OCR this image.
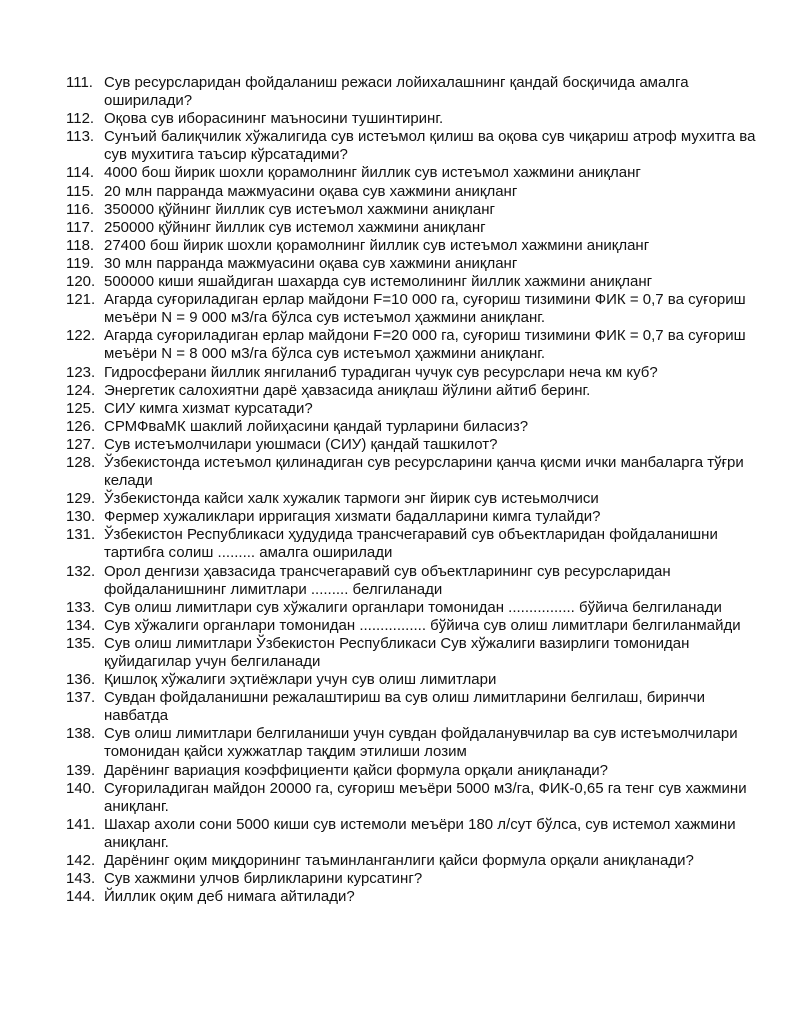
111. Сув ресурсларидан фойдаланиш режаси лойихалашнинг қандай босқичида амалга оширилади?
112. Оқова сув иборасининг маъносини тушинтиринг.
113. Сунъий балиқчилик хўжалигида сув истеъмол қилиш ва оқова сув чиқариш атроф мухитга ва сув мухитига таъсир кўрсатадими?
114. 4000 бош йирик шохли қорамолнинг йиллик сув истеъмол хажмини аниқланг
115. 20 млн парранда мажмуасини оқава сув хажмини аниқланг
116. 350000 қўйнинг йиллик сув истеъмол хажмини аниқланг
117. 250000 қўйнинг йиллик сув истемол хажмини аниқланг
118. 27400 бош йирик шохли қорамолнинг йиллик сув истеъмол хажмини аниқланг
119. 30 млн парранда мажмуасини оқава сув хажмини аниқланг
120. 500000 киши яшайдиган шахарда сув истемолининг йиллик хажмини аниқланг
121. Агарда суғориладиган ерлар майдони F=10 000 га, суғориш тизимини ФИК = 0,7 ва суғориш меъёри N = 9 000 м3/га бўлса сув истеъмол ҳажмини аниқланг.
122. Агарда суғориладиган ерлар майдони F=20 000 га, суғориш тизимини ФИК = 0,7 ва суғориш меъёри N = 8 000 м3/га бўлса сув истеъмол ҳажмини аниқланг.
123. Гидросферани йиллик янгиланиб турадиган чучук сув ресурслари неча км куб?
124. Энергетик салохиятни дарё ҳавзасида аниқлаш йўлини айтиб беринг.
125. СИУ кимга хизмат курсатади?
126. СРМФваМК шаклий лойиҳасини қандай турларини биласиз?
127. Сув истеъмолчилари уюшмаси (СИУ) қандай ташкилот?
128. Ўзбекистонда истеъмол қилинадиган сув ресурсларини қанча қисми ички манбаларга тўғри келади
129. Ўзбекистонда кайси халк хужалик тармоги энг йирик сув истеьмолчиси
130. Фермер хужаликлари ирригация хизмати бадалларини кимга тулайди?
131. Ўзбекистон Республикаси ҳудудида трансчегаравий сув объектларидан фойдаланишни тартибга солиш ......... амалга оширилади
132. Орол денгизи ҳавзасида трансчегаравий сув объектларининг сув ресурсларидан фойдаланишнинг лимитлари ......... белгиланади
133. Сув олиш лимитлари сув хўжалиги органлари томонидан ................ бўйича белгиланади
134. Сув хўжалиги органлари томонидан ................ бўйича сув олиш лимитлари белгиланмайди
135. Сув олиш лимитлари Ўзбекистон Республикаси Сув хўжалиги вазирлиги томонидан қуйидагилар учун белгиланади
136. Қишлоқ хўжалиги эҳтиёжлари учун сув олиш лимитлари
137. Сувдан фойдаланишни режалаштириш ва сув олиш лимитларини белгилаш, биринчи навбатда
138. Сув олиш лимитлари белгиланиши учун сувдан фойдаланувчилар ва сув истеъмолчилари томонидан қайси хужжатлар тақдим этилиши лозим
139. Дарёнинг вариация коэффициенти қайси формула орқали аниқланади?
140. Суғориладиган майдон 20000 га, суғориш меъёри 5000 м3/га, ФИК-0,65 га тенг сув хажмини аниқланг.
141. Шахар ахоли сони 5000 киши сув истемоли меъёри 180 л/сут бўлса, сув истемол хажмини аниқланг.
142. Дарёнинг оқим миқдорининг таъминланганлиги қайси формула орқали аниқланади?
143. Сув хажмини улчов бирликларини курсатинг?
144. Йиллик оқим деб нимага айтилади?
